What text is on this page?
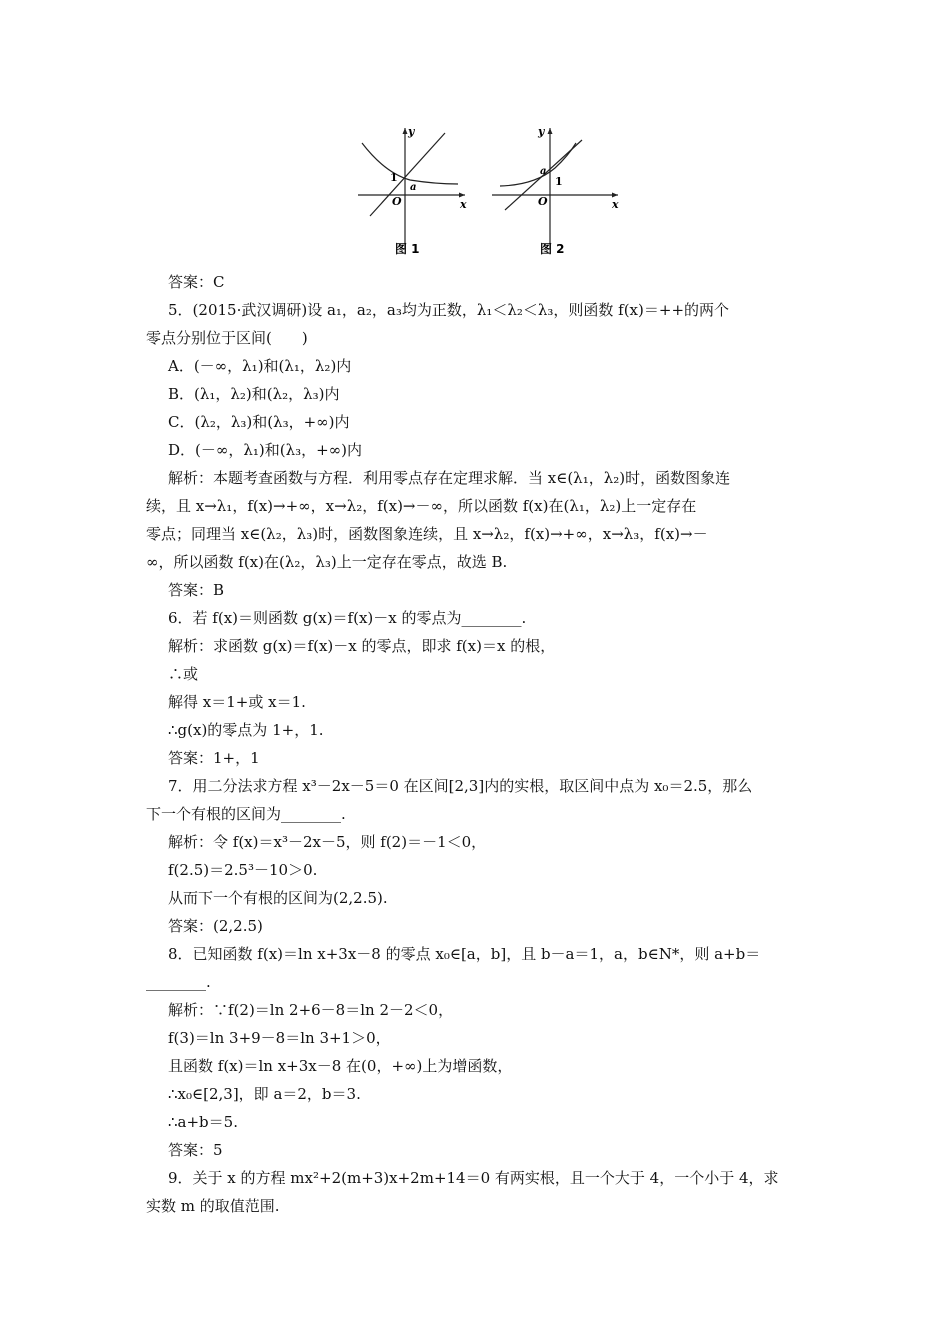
y
x
1
a
O
图 1
y
x
1
a
O
图 2
答案：C
5．(2015·武汉调研)设 a₁，a₂，a₃均为正数，λ₁＜λ₂＜λ₃，则函数 f(x)＝++的两个
零点分别位于区间(　　)
A．(－∞，λ₁)和(λ₁，λ₂)内
B．(λ₁，λ₂)和(λ₂，λ₃)内
C．(λ₂，λ₃)和(λ₃，+∞)内
D．(－∞，λ₁)和(λ₃，+∞)内
解析：本题考查函数与方程．利用零点存在定理求解．当 x∈(λ₁，λ₂)时，函数图象连
续，且 x→λ₁，f(x)→+∞，x→λ₂，f(x)→－∞，所以函数 f(x)在(λ₁，λ₂)上一定存在
零点；同理当 x∈(λ₂，λ₃)时，函数图象连续，且 x→λ₂，f(x)→+∞，x→λ₃，f(x)→－
∞，所以函数 f(x)在(λ₂，λ₃)上一定存在零点，故选 B.
答案：B
6．若 f(x)＝则函数 g(x)＝f(x)－x 的零点为________.
解析：求函数 g(x)＝f(x)－x 的零点，即求 f(x)＝x 的根，
∴或
解得 x＝1+或 x＝1.
∴g(x)的零点为 1+，1.
答案：1+，1
7．用二分法求方程 x³－2x－5＝0 在区间[2,3]内的实根，取区间中点为 x₀＝2.5，那么
下一个有根的区间为________.
解析：令 f(x)＝x³－2x－5，则 f(2)＝－1＜0，
f(2.5)＝2.5³－10＞0.
从而下一个有根的区间为(2,2.5).
答案：(2,2.5)
8．已知函数 f(x)＝ln x+3x－8 的零点 x₀∈[a，b]，且 b－a＝1，a，b∈N*，则 a+b＝
________.
解析：∵f(2)＝ln 2+6－8＝ln 2－2＜0，
f(3)＝ln 3+9－8＝ln 3+1＞0，
且函数 f(x)＝ln x+3x－8 在(0，+∞)上为增函数，
∴x₀∈[2,3]，即 a＝2，b＝3.
∴a+b＝5.
答案：5
9．关于 x 的方程 mx²+2(m+3)x+2m+14＝0 有两实根，且一个大于 4，一个小于 4，求
实数 m 的取值范围.
